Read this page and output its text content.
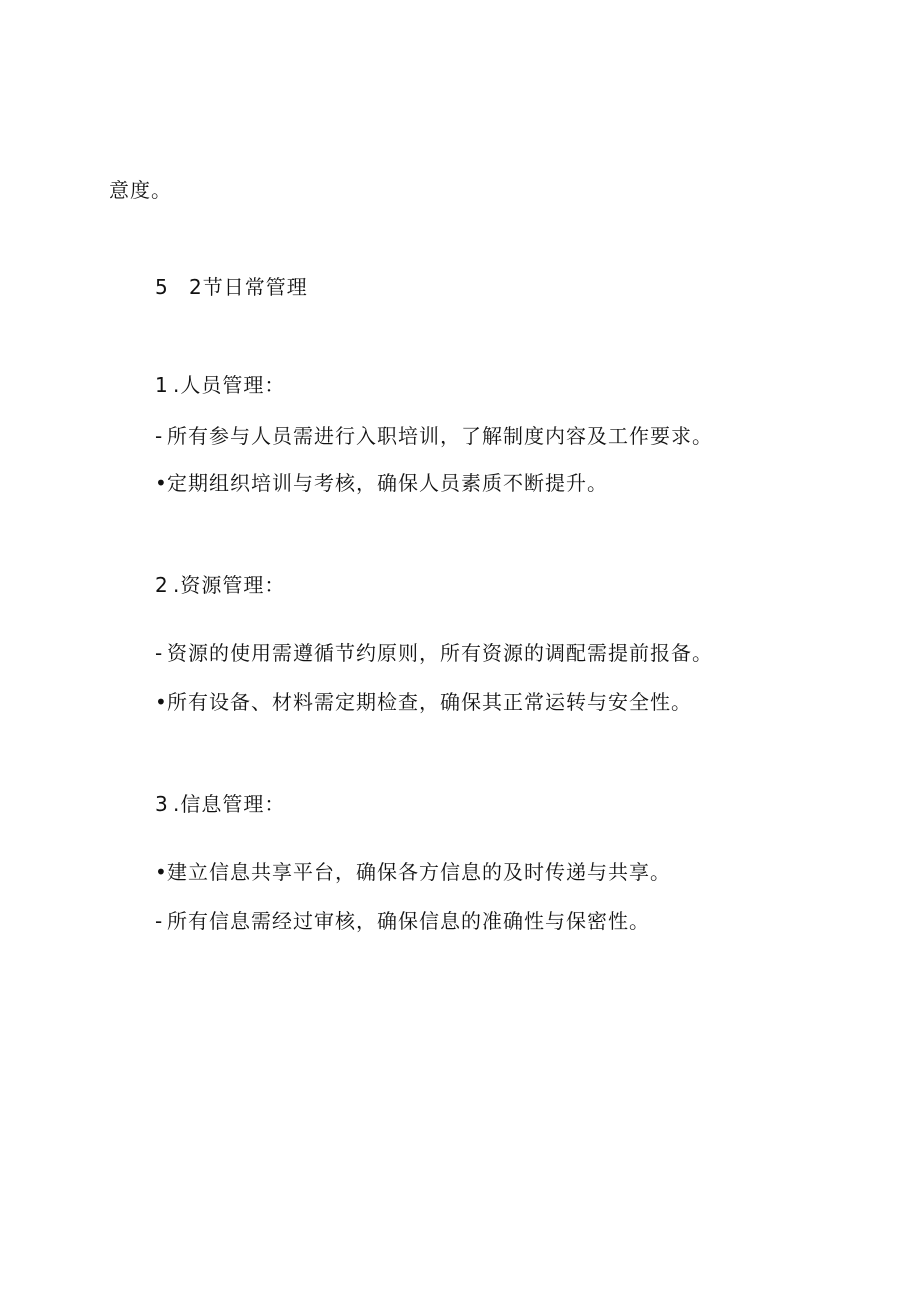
意度。
5 2节日常管理
1 .人员管理：
- 所有参与人员需进行入职培训，了解制度内容及工作要求。
•定期组织培训与考核，确保人员素质不断提升。
2 .资源管理：
- 资源的使用需遵循节约原则，所有资源的调配需提前报备。
•所有设备、材料需定期检查，确保其正常运转与安全性。
3 .信息管理：
•建立信息共享平台，确保各方信息的及时传递与共享。
- 所有信息需经过审核，确保信息的准确性与保密性。
